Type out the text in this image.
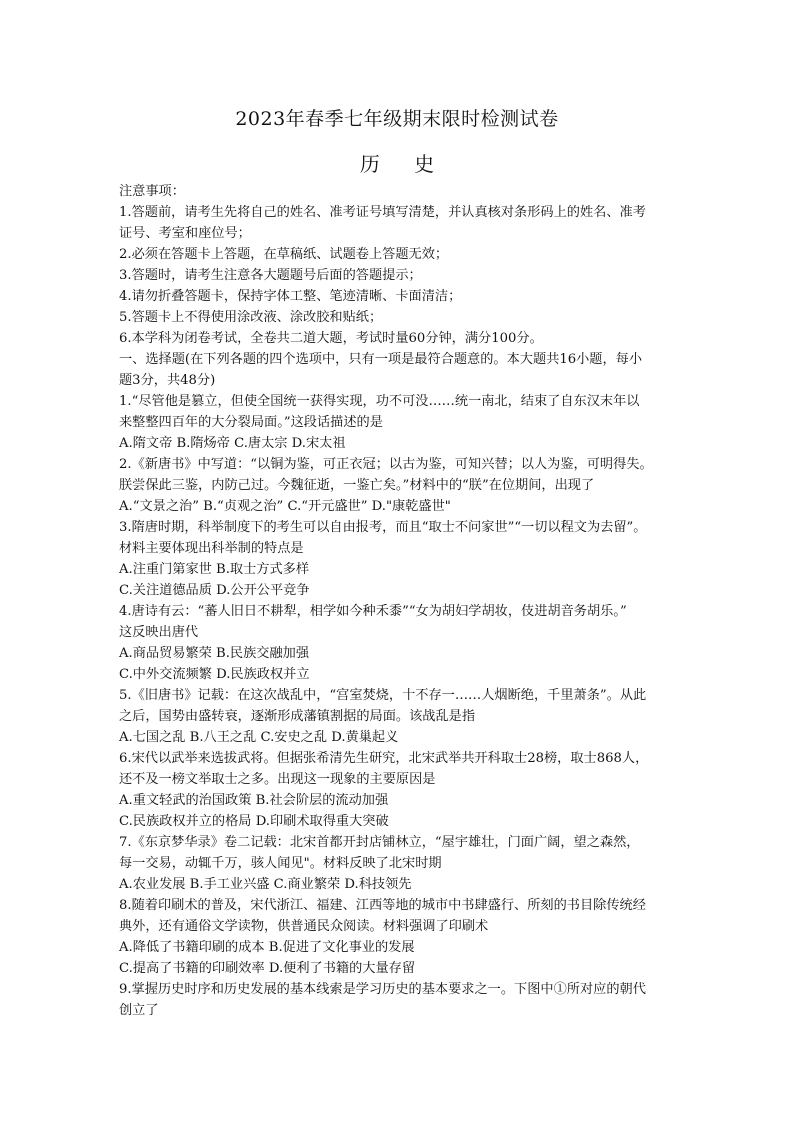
2023年春季七年级期末限时检测试卷
历 史
注意事项：
1.答题前，请考生先将自己的姓名、准考证号填写清楚，并认真核对条形码上的姓名、准考
证号、考室和座位号；
2.必须在答题卡上答题，在草稿纸、试题卷上答题无效；
3.答题时，请考生注意各大题题号后面的答题提示；
4.请勿折叠答题卡，保持字体工整、笔迹清晰、卡面清洁；
5.答题卡上不得使用涂改液、涂改胶和贴纸；
6.本学科为闭卷考试，全卷共二道大题，考试时量60分钟，满分100分。
一、选择题(在下列各题的四个选项中，只有一项是最符合题意的。本大题共16小题，每小
题3分，共48分)
1.“尽管他是篡立，但使全国统一获得实现，功不可没……统一南北，结束了自东汉末年以
来整整四百年的大分裂局面。”这段话描述的是
A.隋文帝 B.隋炀帝 C.唐太宗 D.宋太祖
2.《新唐书》中写道：“以铜为鉴，可正衣冠；以古为鉴，可知兴替；以人为鉴，可明得失。
朕尝保此三鉴，内防己过。今魏征逝，一鉴亡矣。”材料中的“朕”在位期间，出现了
A.“文景之治” B.“贞观之治” C.“开元盛世” D."康乾盛世"
3.隋唐时期，科举制度下的考生可以自由报考，而且“取士不问家世”“一切以程文为去留”。
材料主要体现出科举制的特点是
A.注重门第家世 B.取士方式多样
C.关注道德品质 D.公开公平竞争
4.唐诗有云：“蕃人旧日不耕犁，相学如今种禾黍”“女为胡妇学胡妆，伎进胡音务胡乐。”
这反映出唐代
A.商品贸易繁荣 B.民族交融加强
C.中外交流频繁 D.民族政权并立
5.《旧唐书》记载：在这次战乱中，“宫室焚烧，十不存一……人烟断绝，千里萧条”。从此
之后，国势由盛转衰，逐渐形成藩镇割据的局面。该战乱是指
A.七国之乱 B.八王之乱 C.安史之乱 D.黄巢起义
6.宋代以武举来选拔武将。但据张希清先生研究，北宋武举共开科取士28榜，取士868人，
还不及一榜文举取士之多。出现这一现象的主要原因是
A.重文轻武的治国政策 B.社会阶层的流动加强
C.民族政权并立的格局 D.印刷术取得重大突破
7.《东京梦华录》卷二记载：北宋首都开封店铺林立，“屋宇雄壮，门面广阔，望之森然，
每一交易，动辄千万，骇人闻见"。材料反映了北宋时期
A.农业发展 B.手工业兴盛 C.商业繁荣 D.科技领先
8.随着印刷术的普及，宋代浙江、福建、江西等地的城市中书肆盛行、所刻的书目除传统经
典外，还有通俗文学读物，供普通民众阅读。材料强调了印刷术
A.降低了书籍印刷的成本 B.促进了文化事业的发展
C.提高了书籍的印刷效率 D.便利了书籍的大量存留
9.掌握历史时序和历史发展的基本线索是学习历史的基本要求之一。下图中①所对应的朝代
创立了
